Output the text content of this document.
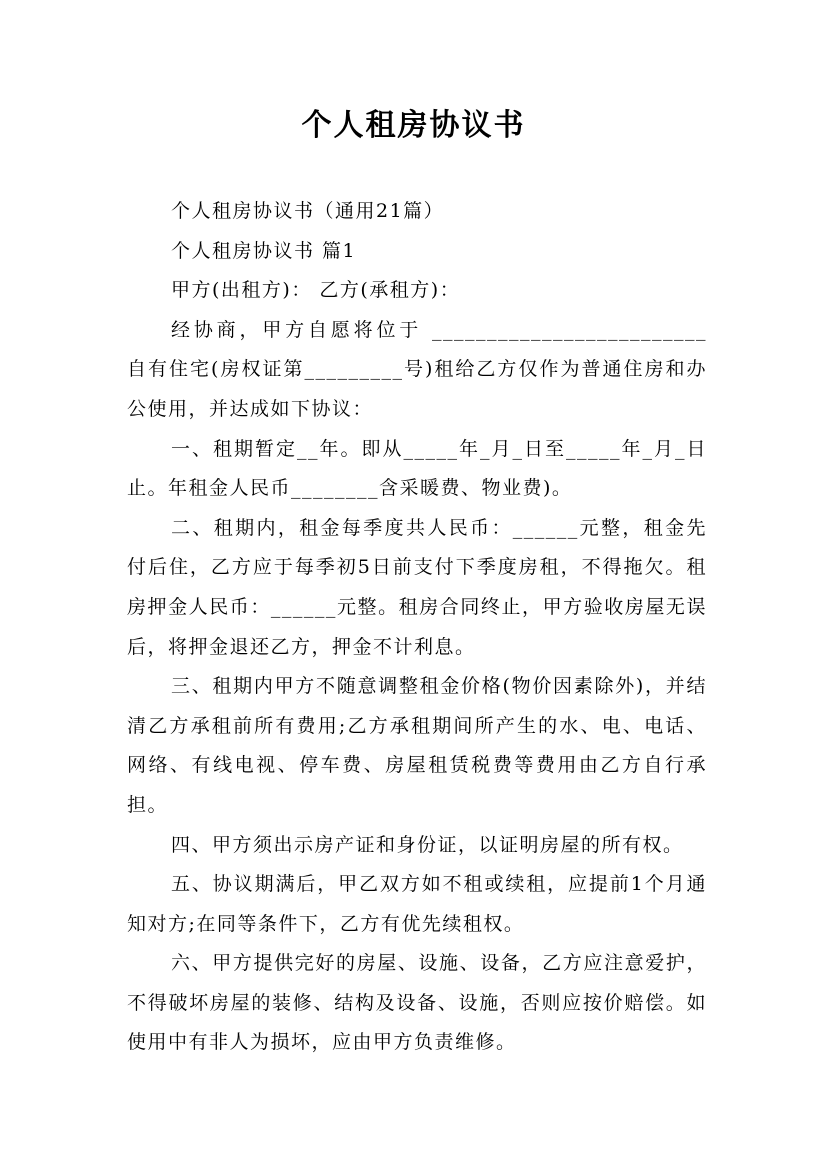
个人租房协议书

个人租房协议书（通用21篇）

个人租房协议书 篇1

甲方(出租方)： 乙方(承租方)：

经协商，甲方自愿将位于 _________________________ 自有住宅(房权证第_________号)租给乙方仅作为普通住房和办公使用，并达成如下协议：

一、租期暂定__年。即从_____年_月_日至_____年_月_日止。年租金人民币________含采暖费、物业费)。

二、租期内，租金每季度共人民币：______元整，租金先付后住，乙方应于每季初5日前支付下季度房租，不得拖欠。租房押金人民币：______元整。租房合同终止，甲方验收房屋无误后，将押金退还乙方，押金不计利息。

三、租期内甲方不随意调整租金价格(物价因素除外)，并结清乙方承租前所有费用;乙方承租期间所产生的水、电、电话、网络、有线电视、停车费、房屋租赁税费等费用由乙方自行承担。

四、甲方须出示房产证和身份证，以证明房屋的所有权。

五、协议期满后，甲乙双方如不租或续租，应提前1个月通知对方;在同等条件下，乙方有优先续租权。

六、甲方提供完好的房屋、设施、设备，乙方应注意爱护，不得破坏房屋的装修、结构及设备、设施，否则应按价赔偿。如使用中有非人为损坏，应由甲方负责维修。
